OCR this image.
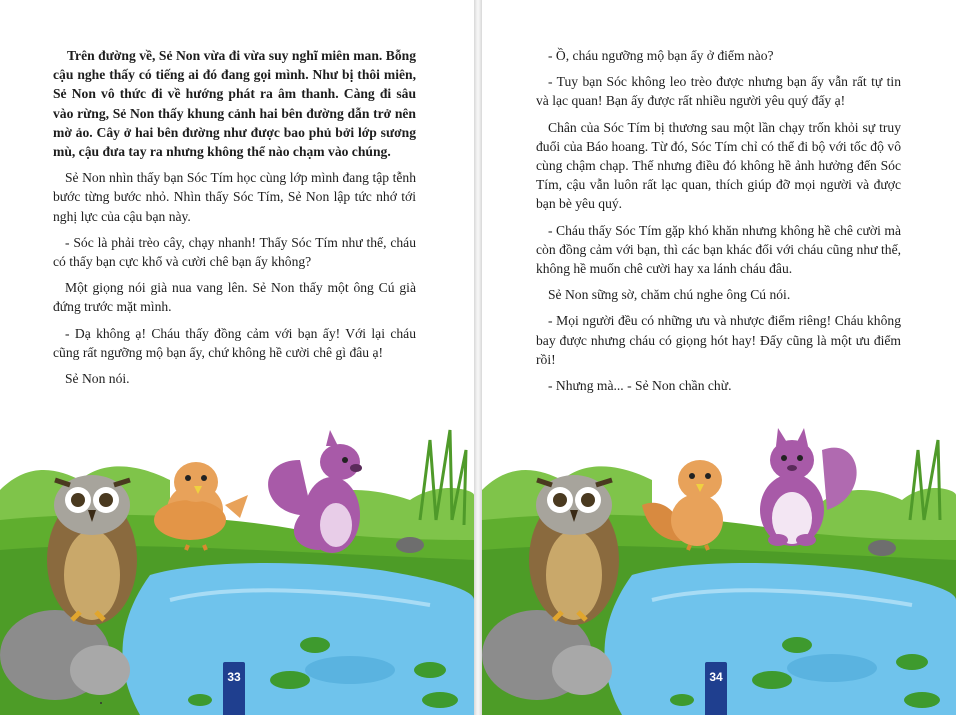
Trên đường về, Sẻ Non vừa đi vừa suy nghĩ miên man. Bỗng cậu nghe thấy có tiếng ai đó đang gọi mình. Như bị thôi miên, Sẻ Non vô thức đi về hướng phát ra âm thanh. Càng đi sâu vào rừng, Sẻ Non thấy khung cảnh hai bên đường dẫn trở nên mờ ảo. Cây ở hai bên đường như được bao phủ bởi lớp sương mù, cậu đưa tay ra nhưng không thể nào chạm vào chúng.

Sẻ Non nhìn thấy bạn Sóc Tím học cùng lớp mình đang tập tễnh bước từng bước nhỏ. Nhìn thấy Sóc Tím, Sẻ Non lập tức nhớ tới nghị lực của cậu bạn này.

- Sóc là phải trèo cây, chạy nhanh! Thấy Sóc Tím như thế, cháu có thấy bạn cực khổ và cười chê bạn ấy không?

Một giọng nói già nua vang lên. Sẻ Non thấy một ông Cú già đứng trước mặt mình.

- Dạ không ạ! Cháu thấy đồng cảm với bạn ấy! Với lại cháu cũng rất ngưỡng mộ bạn ấy, chứ không hề cười chê gì đâu ạ!

Sẻ Non nói.

33

- Ồ, cháu ngưỡng mộ bạn ấy ở điểm nào?

- Tuy bạn Sóc không leo trèo được nhưng bạn ấy vẫn rất tự tin và lạc quan! Bạn ấy được rất nhiều người yêu quý đấy ạ!

Chân của Sóc Tím bị thương sau một lần chạy trốn khỏi sự truy đuổi của Báo hoang. Từ đó, Sóc Tím chỉ có thể đi bộ với tốc độ vô cùng chậm chạp. Thế nhưng điều đó không hề ảnh hưởng đến Sóc Tím, cậu vẫn luôn rất lạc quan, thích giúp đỡ mọi người và được bạn bè yêu quý.

- Cháu thấy Sóc Tím gặp khó khăn nhưng không hề chê cười mà còn đồng cảm với bạn, thì các bạn khác đối với cháu cũng như thế, không hề muốn chê cười hay xa lánh cháu đâu.

Sẻ Non sững sờ, chăm chú nghe ông Cú nói.

- Mọi người đều có những ưu và nhược điểm riêng! Cháu không bay được nhưng cháu có giọng hót hay! Đấy cũng là một ưu điểm rồi!

- Nhưng mà... - Sẻ Non chần chừ.

34
